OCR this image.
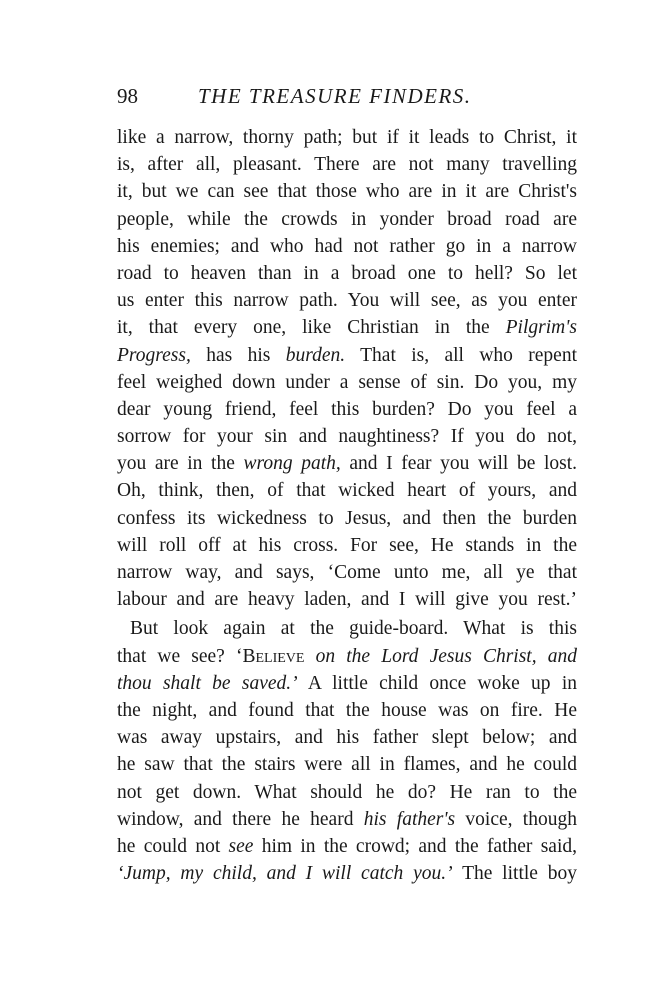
98	THE TREASURE FINDERS.
like a narrow, thorny path; but if it leads to Christ, it
is, after all, pleasant. There are not many travelling
it, but we can see that those who are in it are Christ's
people, while the crowds in yonder broad road are
his enemies; and who had not rather go in a narrow
road to heaven than in a broad one to hell? So let
us enter this narrow path. You will see, as you enter
it, that every one, like Christian in the Pilgrim's
Progress, has his burden. That is, all who repent
feel weighed down under a sense of sin. Do you, my
dear young friend, feel this burden? Do you feel a
sorrow for your sin and naughtiness? If you do not,
you are in the wrong path, and I fear you will be lost.
Oh, think, then, of that wicked heart of yours, and
confess its wickedness to Jesus, and then the burden
will roll off at his cross. For see, He stands in the
narrow way, and says, ‘Come unto me, all ye that
labour and are heavy laden, and I will give you rest.’
But look again at the guide-board. What is this
that we see? ‘Believe on the Lord Jesus Christ, and
thou shalt be saved.’ A little child once woke up in
the night, and found that the house was on fire. He
was away upstairs, and his father slept below; and
he saw that the stairs were all in flames, and he could
not get down. What should he do? He ran to the
window, and there he heard his father's voice, though
he could not see him in the crowd; and the father said,
‘Jump, my child, and I will catch you.’ The little boy
